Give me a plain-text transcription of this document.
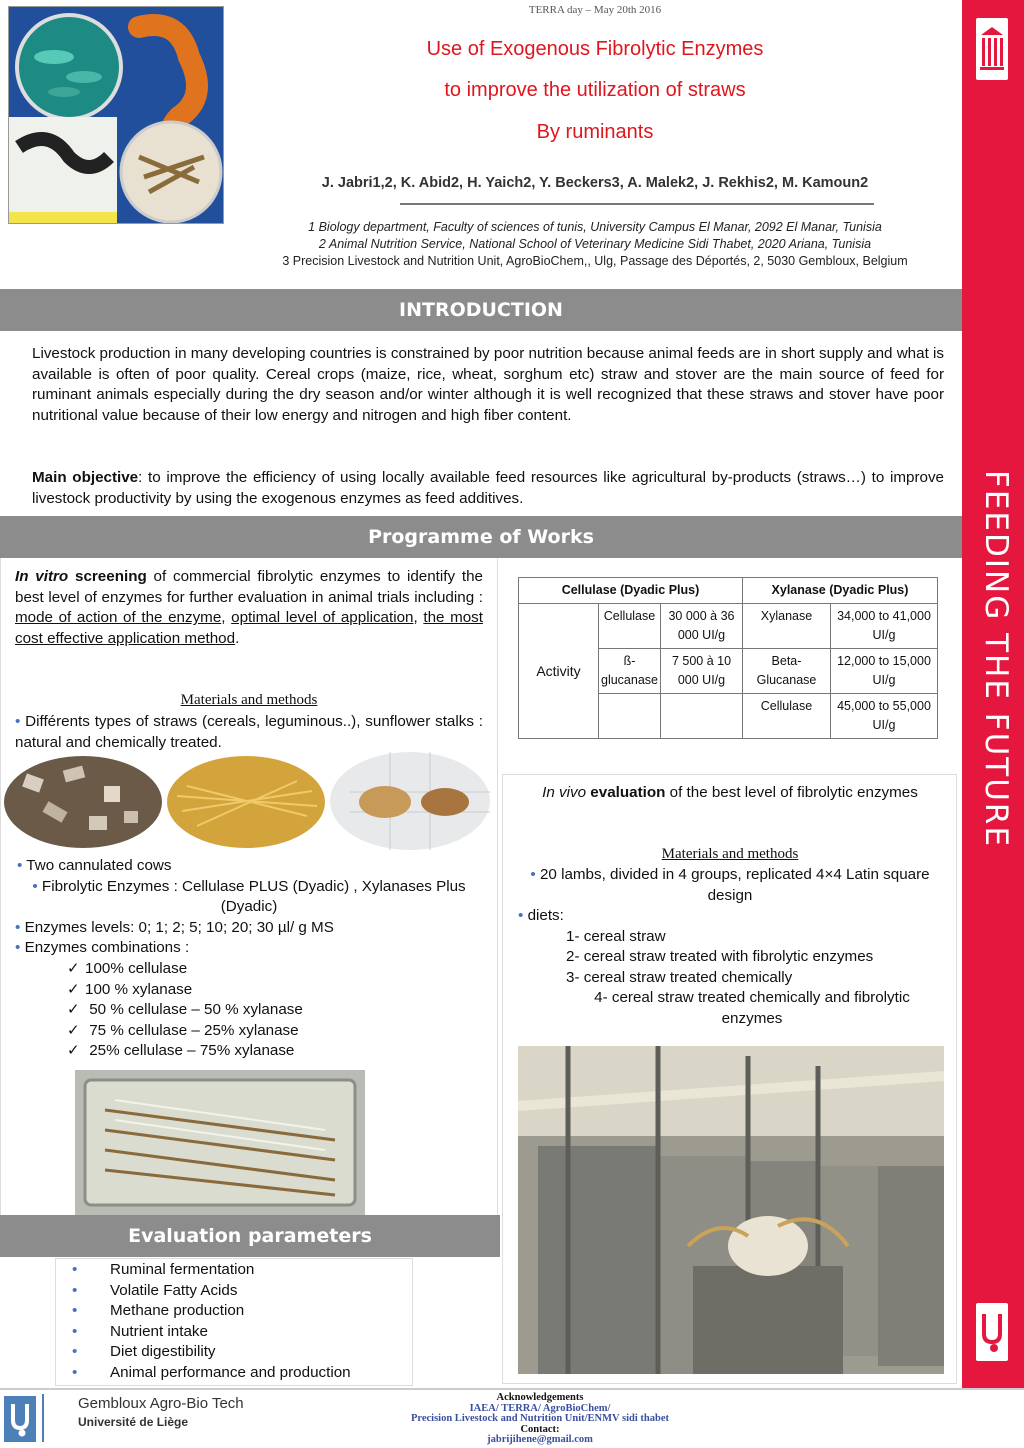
FEEDING THE FUTURE
TERRA day – May 20th 2016
Use of Exogenous Fibrolytic Enzymes
to improve the utilization of straws
By ruminants
J. Jabri1,2, K. Abid2, H. Yaich2, Y. Beckers3, A. Malek2, J. Rekhis2, M. Kamoun2
1 Biology department, Faculty of sciences of tunis, University Campus El Manar, 2092 El Manar, Tunisia
2 Animal Nutrition Service, National School of Veterinary Medicine Sidi Thabet, 2020 Ariana, Tunisia
3 Precision Livestock and Nutrition Unit, AgroBioChem,, Ulg, Passage des Déportés, 2, 5030 Gembloux, Belgium
INTRODUCTION
Livestock production in many developing countries is constrained by poor nutrition because animal feeds are in short supply and what is available is often of poor quality. Cereal crops (maize, rice, wheat, sorghum etc) straw and stover are the main source of feed for ruminant animals especially during the dry season and/or winter although it is well recognized that these straws and stover have poor nutritional value because of their low energy and nitrogen and high fiber content.
Main objective: to improve the efficiency of using locally available feed resources like agricultural by-products (straws…) to improve livestock productivity by using the exogenous enzymes as feed additives.
Programme of Works
In vitro screening of commercial fibrolytic enzymes to identify the best level of enzymes for further evaluation in animal trials including : mode of action of the enzyme, optimal level of application, the most cost effective application method.
Materials and methods
• Différents types of straws (cereals, leguminous..), sunflower stalks : natural and chemically treated.
• Two cannulated cows
• Fibrolytic Enzymes : Cellulase PLUS (Dyadic) , Xylanases Plus (Dyadic)
• Enzymes levels: 0; 1; 2; 5; 10; 20; 30 µl/ g MS
• Enzymes combinations :
✓ 100% cellulase
✓ 100 % xylanase
✓ 50 % cellulase – 50 % xylanase
✓ 75 % cellulase – 25% xylanase
✓ 25% cellulase – 75% xylanase
Cellulase (Dyadic Plus)			Xylanase (Dyadic Plus)	
Activity	Cellulase	30 000 à 36 000 UI/g	Xylanase	34,000 to 41,000 UI/g
	ß-glucanase	7 500 à 10 000 UI/g	Beta-Glucanase	12,000 to 15,000 UI/g
			Cellulase	45,000 to 55,000 UI/g
In vivo evaluation of the best level of fibrolytic enzymes
Materials and methods
• 20 lambs, divided in 4 groups, replicated 4×4 Latin square design
• diets:
1- cereal straw
2- cereal straw treated with fibrolytic enzymes
3- cereal straw treated chemically
4- cereal straw treated chemically and fibrolytic enzymes
Evaluation parameters
• Ruminal fermentation
• Volatile Fatty Acids
• Methane production
• Nutrient intake
• Diet digestibility
• Animal performance and production
Gembloux Agro-Bio Tech
Université de Liège
Acknowledgements
IAEA/ TERRA/ AgroBioChem/
Precision Livestock and Nutrition Unit/ENMV sidi thabet
Contact:
jabrijihene@gmail.com
